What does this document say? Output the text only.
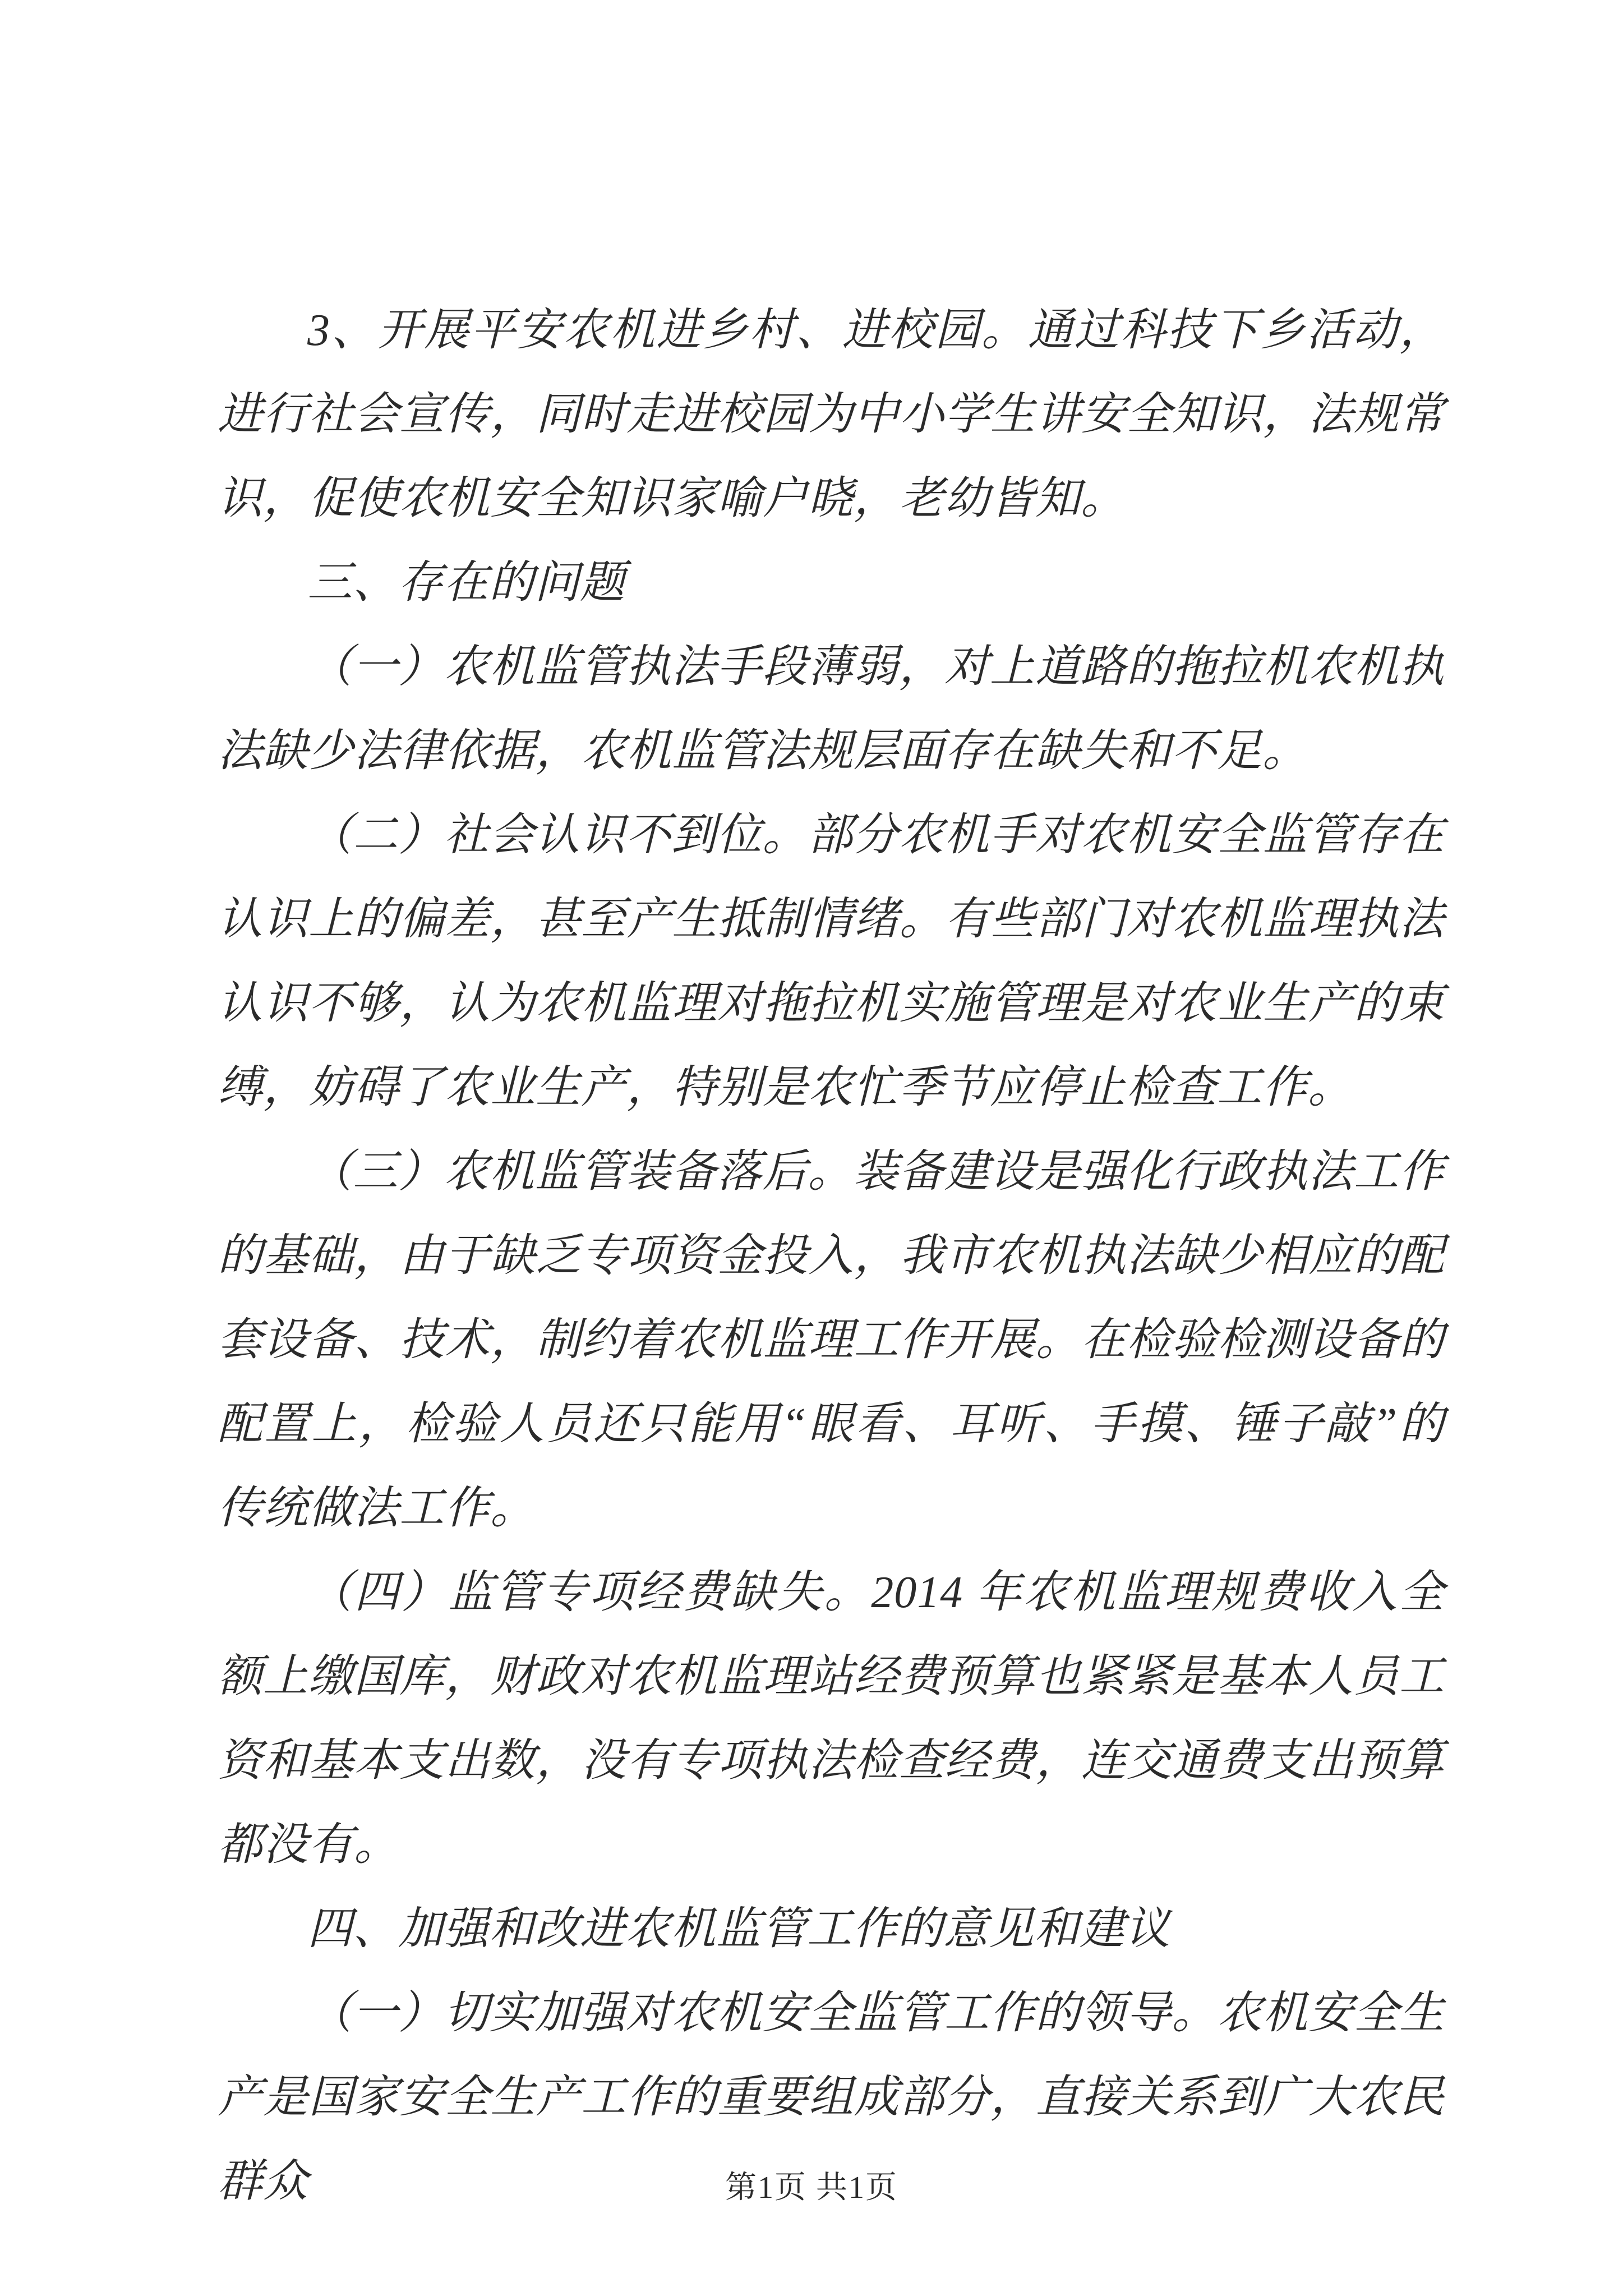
3、开展平安农机进乡村、进校园。通过科技下乡活动，进行社会宣传，同时走进校园为中小学生讲安全知识，法规常识，促使农机安全知识家喻户晓，老幼皆知。

三、存在的问题

（一）农机监管执法手段薄弱，对上道路的拖拉机农机执法缺少法律依据，农机监管法规层面存在缺失和不足。

（二）社会认识不到位。部分农机手对农机安全监管存在认识上的偏差，甚至产生抵制情绪。有些部门对农机监理执法认识不够，认为农机监理对拖拉机实施管理是对农业生产的束缚，妨碍了农业生产，特别是农忙季节应停止检查工作。

（三）农机监管装备落后。装备建设是强化行政执法工作的基础，由于缺乏专项资金投入，我市农机执法缺少相应的配套设备、技术，制约着农机监理工作开展。在检验检测设备的配置上，检验人员还只能用“眼看、耳听、手摸、锤子敲”的传统做法工作。

（四）监管专项经费缺失。2014 年农机监理规费收入全额上缴国库，财政对农机监理站经费预算也紧紧是基本人员工资和基本支出数，没有专项执法检查经费，连交通费支出预算都没有。

四、加强和改进农机监管工作的意见和建议

（一）切实加强对农机安全监管工作的领导。农机安全生产是国家安全生产工作的重要组成部分，直接关系到广大农民群众	第1页 共1页
